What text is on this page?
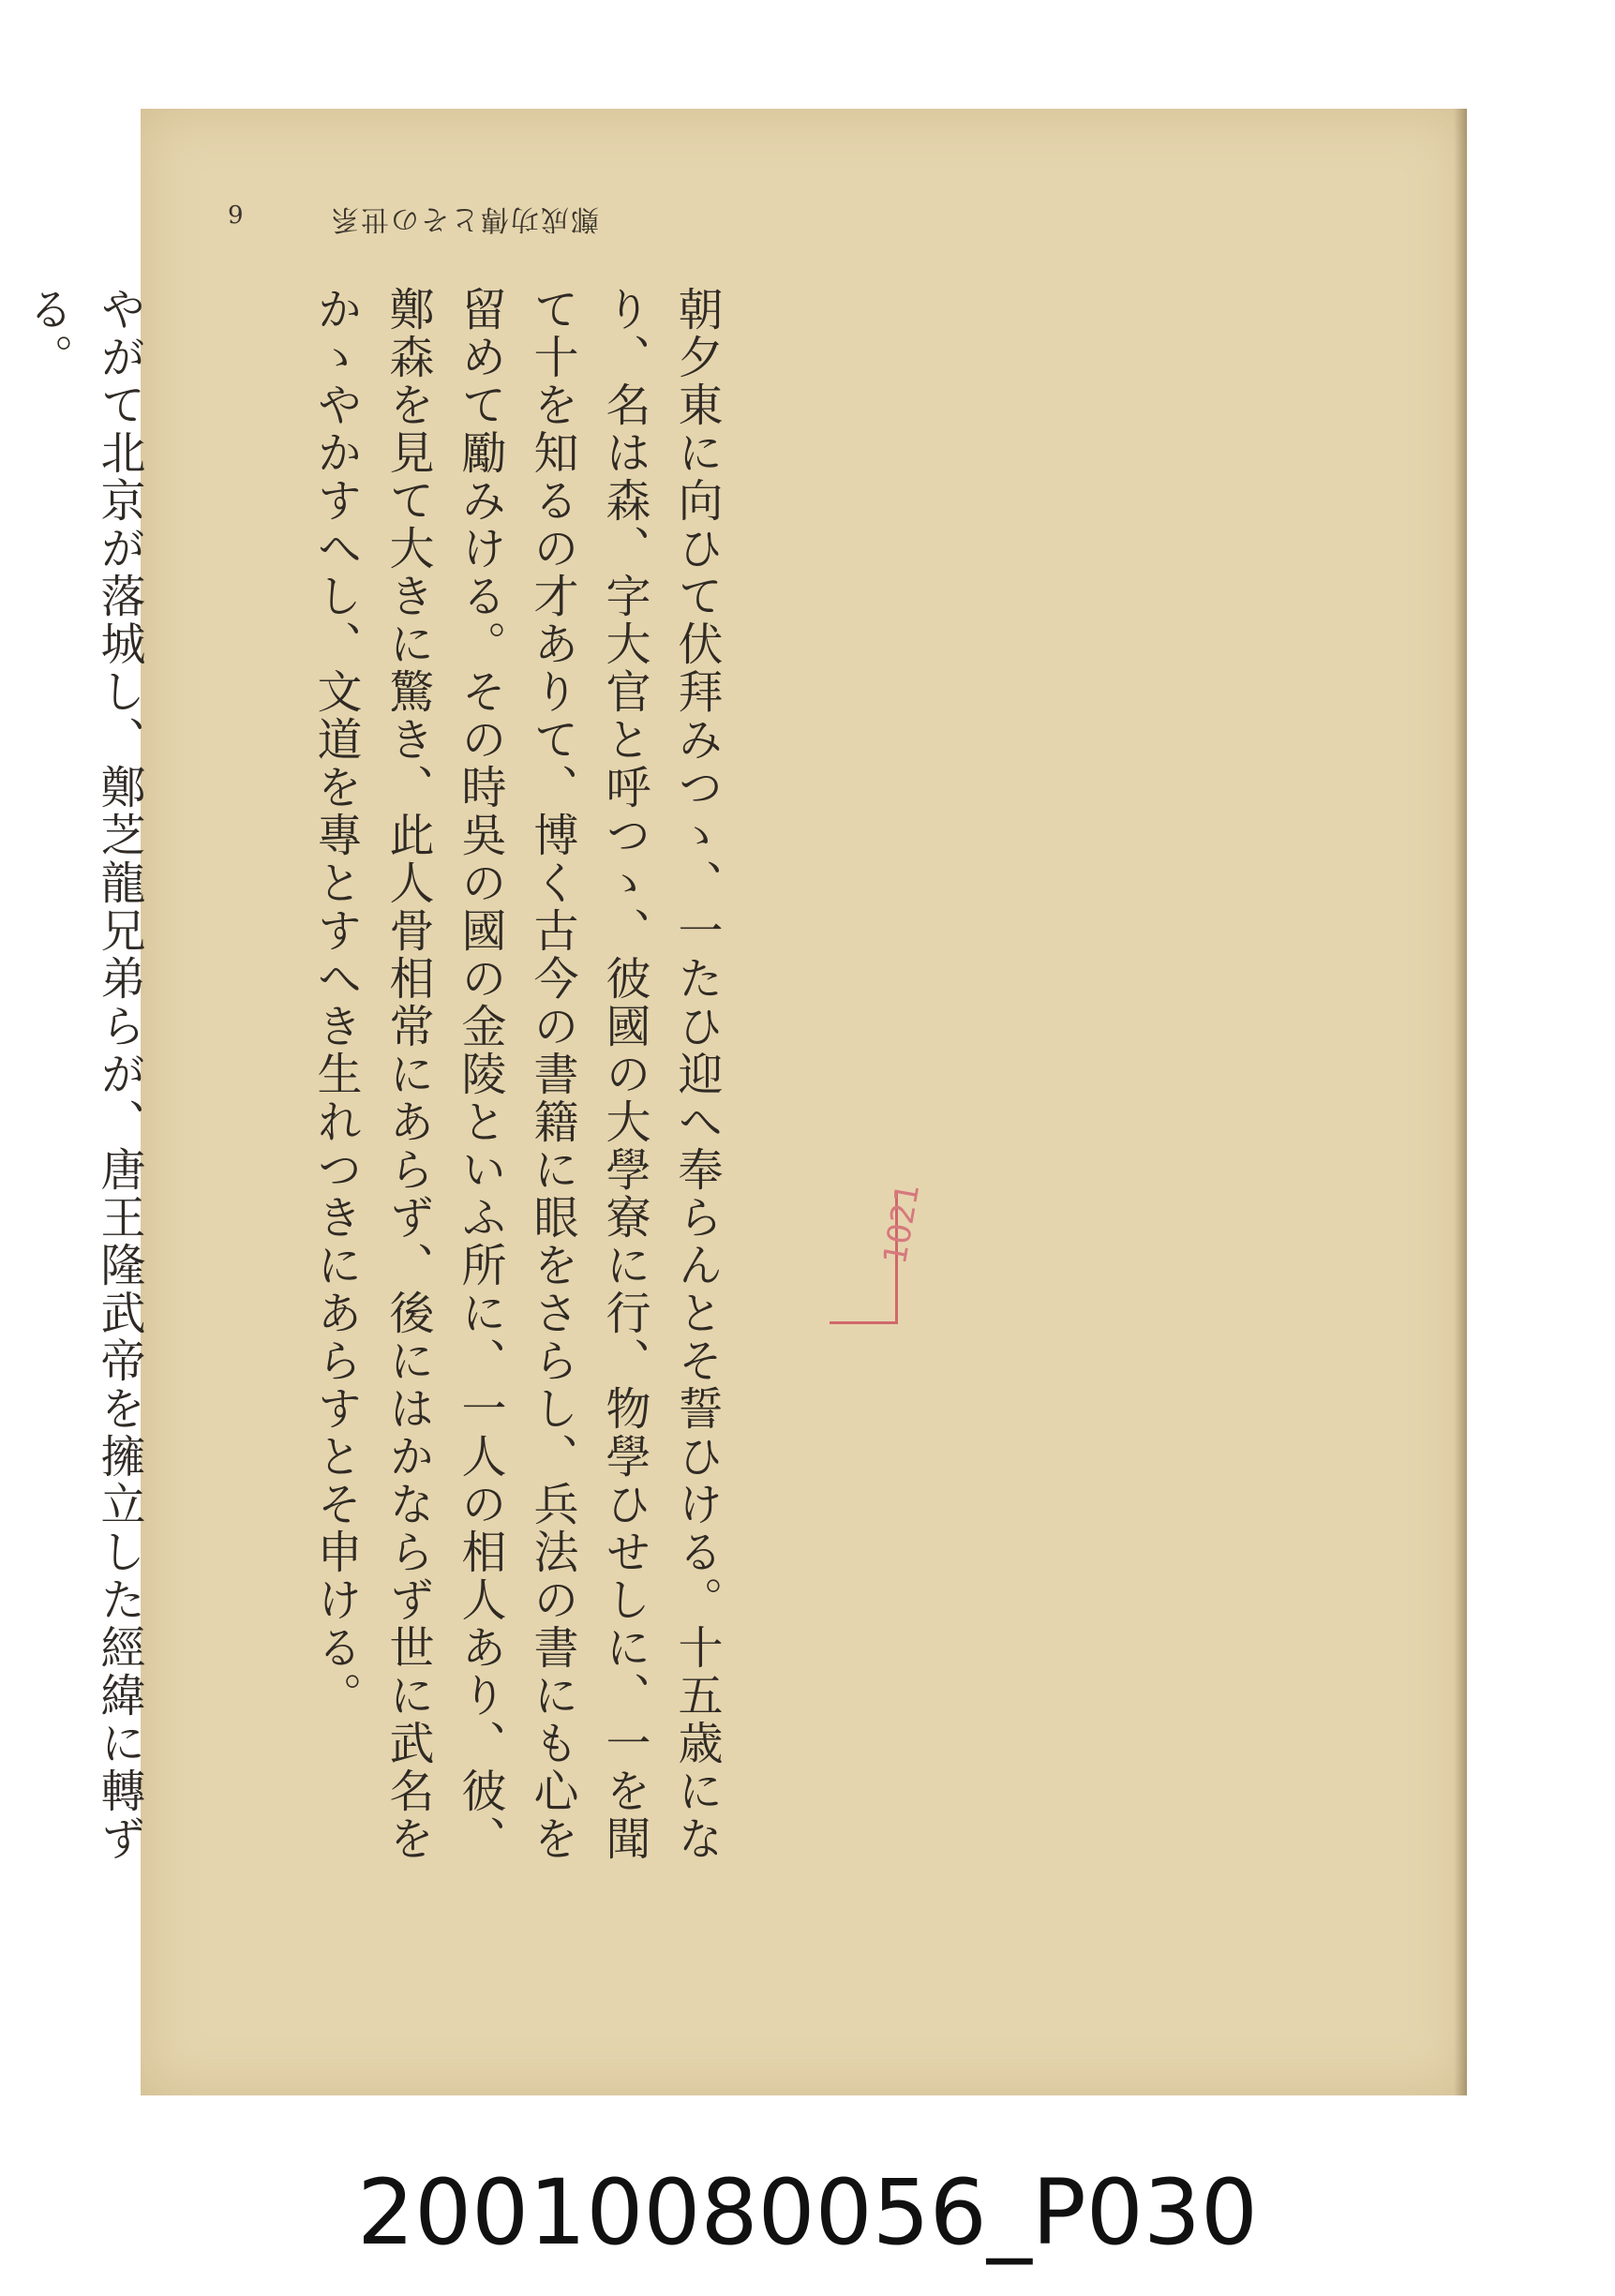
9	鄭成功傳とその世系

朝夕東に向ひて伏拜みつゝ、一たひ迎へ奉らんとそ誓ひける。十五歳になり、名は森、字大官と呼つゝ、彼國の大學寮に行、物學ひせしに、一を聞て十を知るの才ありて、博く古今の書籍に眼をさらし、兵法の書にも心を留めて勵みける。その時吳の國の金陵といふ所に、一人の相人あり、彼、鄭森を見て大きに驚き、此人骨相常にあらず、後にはかならず世に武名をかゝやかすへし、文道を專とすへき生れつきにあらすとそ申ける。

やがて北京が落城し、鄭芝龍兄弟らが、唐王隆武帝を擁立した經緯に轉ずる。

1021
20010080056_P030
